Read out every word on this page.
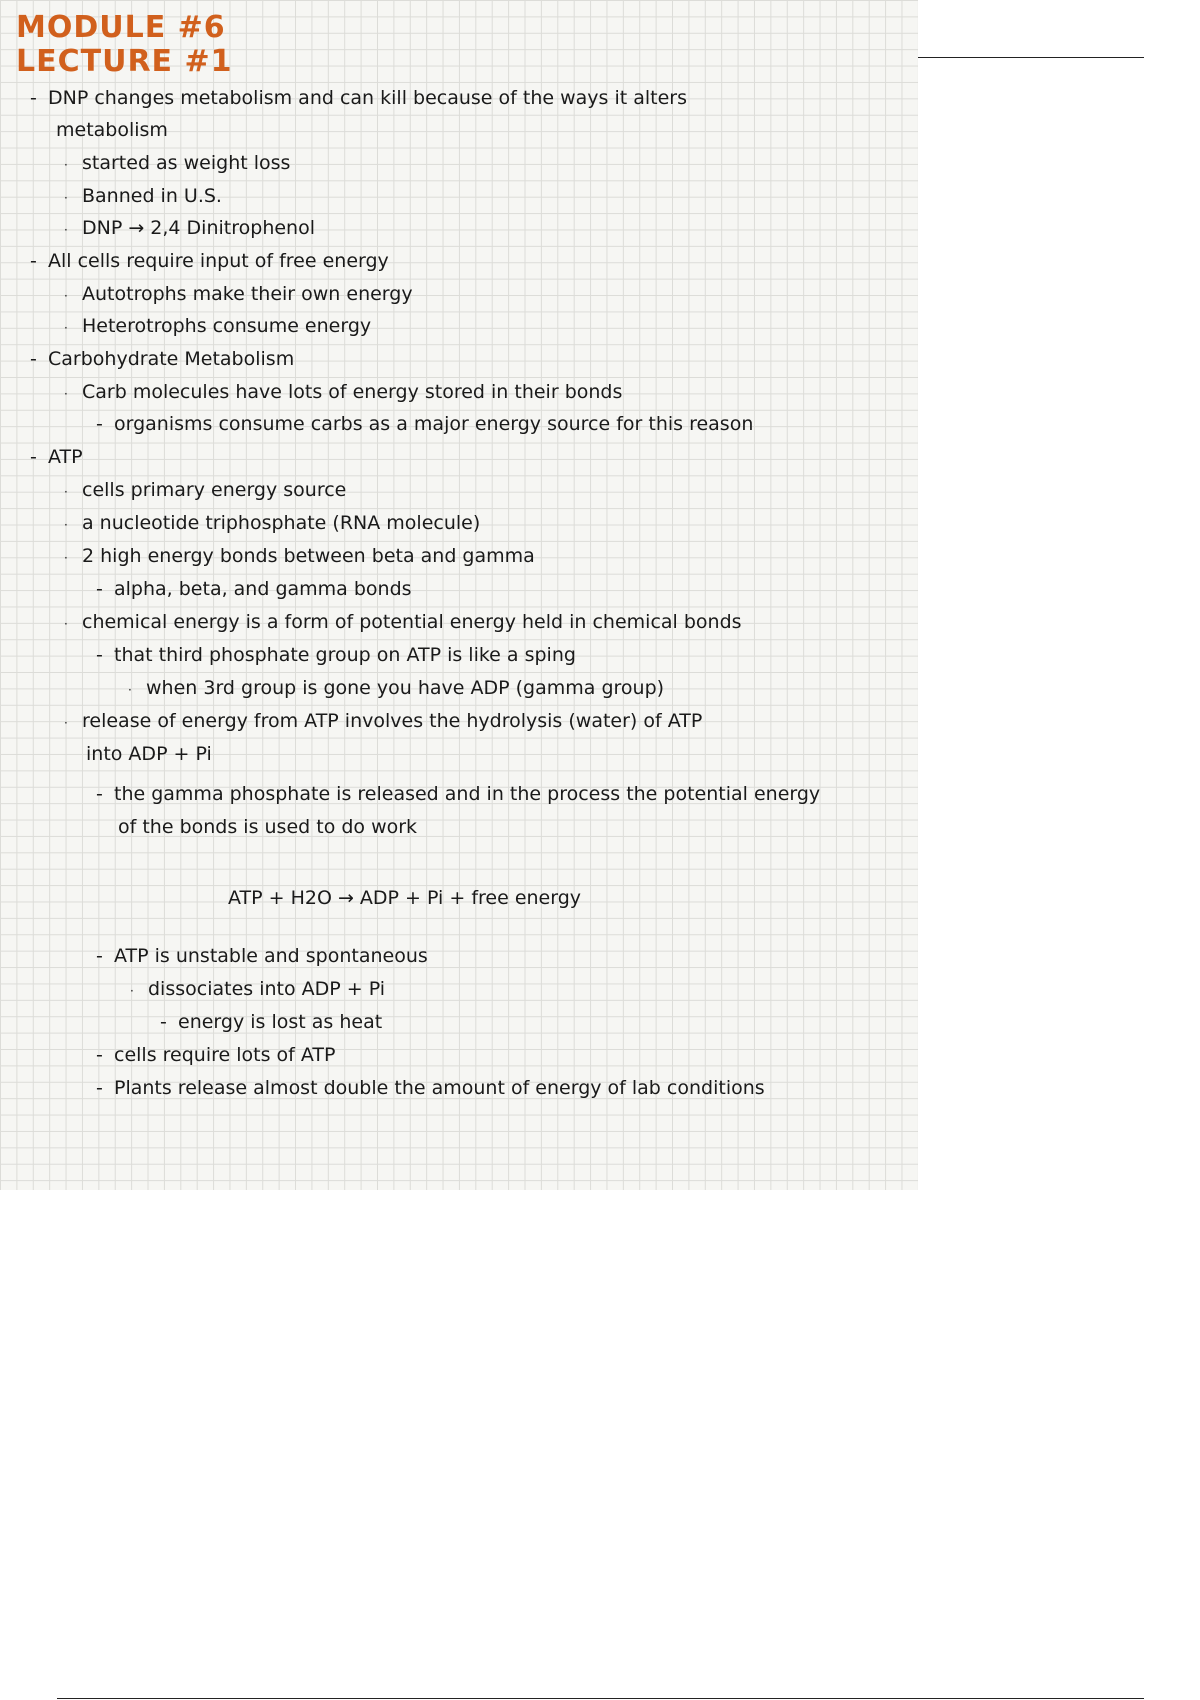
MODULE #6
LECTURE #1
- DNP changes metabolism and can kill because of the ways it alters
metabolism
· started as weight loss
· Banned in U.S.
· DNP → 2,4 Dinitrophenol
- All cells require input of free energy
· Autotrophs make their own energy
· Heterotrophs consume energy
- Carbohydrate Metabolism
· Carb molecules have lots of energy stored in their bonds
- organisms consume carbs as a major energy source for this reason
- ATP
· cells primary energy source
· a nucleotide triphosphate (RNA molecule)
· 2 high energy bonds between beta and gamma
- alpha, beta, and gamma bonds
· chemical energy is a form of potential energy held in chemical bonds
- that third phosphate group on ATP is like a sping
· when 3rd group is gone you have ADP (gamma group)
· release of energy from ATP involves the hydrolysis (water) of ATP
into ADP + Pi
- the gamma phosphate is released and in the process the potential energy
of the bonds is used to do work
ATP + H2O → ADP + Pi + free energy
- ATP is unstable and spontaneous
· dissociates into ADP + Pi
- energy is lost as heat
- cells require lots of ATP
- Plants release almost double the amount of energy of lab conditions
